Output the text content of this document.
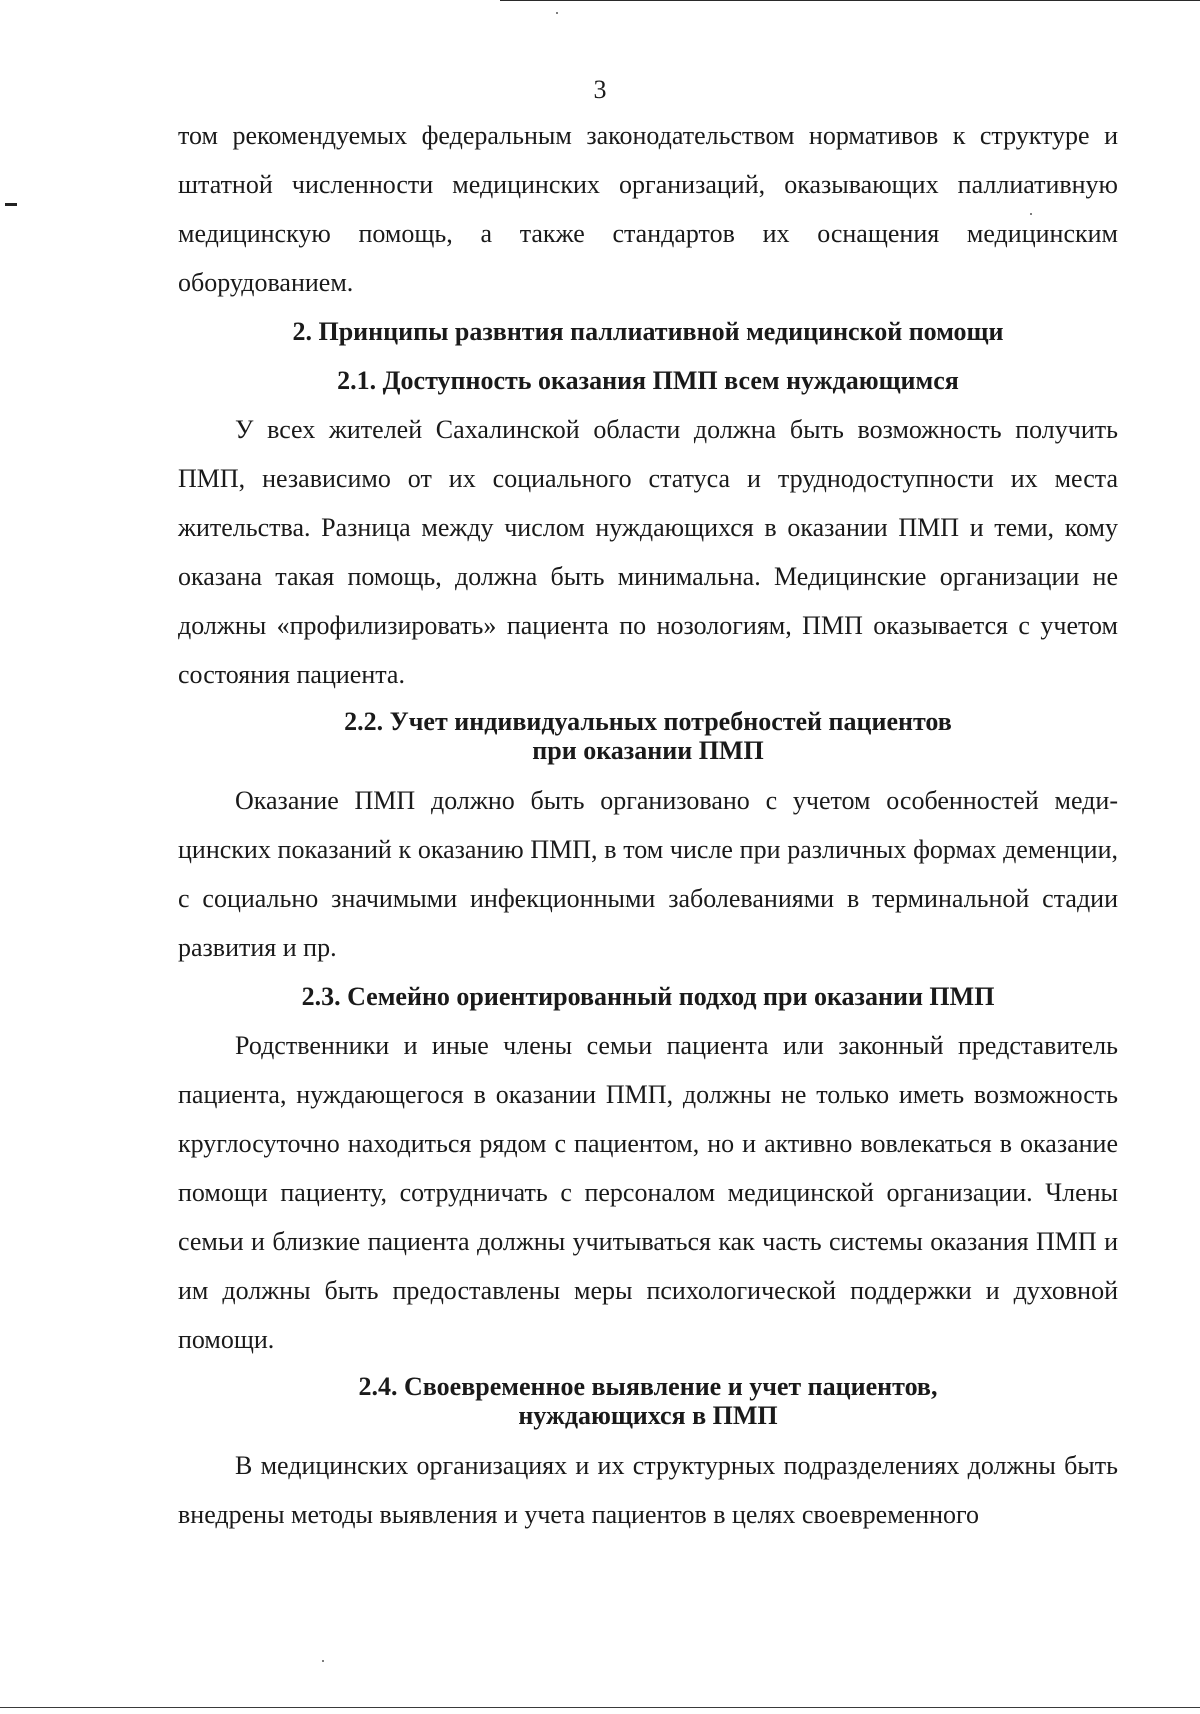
3

том рекомендуемых федеральным законодательством нормативов к структуре и штатной численности медицинских организаций, оказывающих паллиативную медицинскую помощь, а также стандартов их оснащения медицинским оборудованием.

2. Принципы развнтия паллиативной медицинской помощи
2.1. Доступность оказания ПМП всем нуждающимся

У всех жителей Сахалинской области должна быть возможность получить ПМП, независимо от их социального статуса и труднодоступности их места жительства. Разница между числом нуждающихся в оказании ПМП и теми, кому оказана такая помощь, должна быть минимальна. Медицинские организации не должны «профилизировать» пациента по нозологиям, ПМП оказывается с учетом состояния пациента.

2.2. Учет индивидуальных потребностей пациентов
при оказании ПМП

Оказание ПМП должно быть организовано с учетом особенностей медицинских показаний к оказанию ПМП, в том числе при различных формах деменции, с социально значимыми инфекционными заболеваниями в терминальной стадии развития и пр.

2.3. Семейно ориентированный подход при оказании ПМП

Родственники и иные члены семьи пациента или законный представитель пациента, нуждающегося в оказании ПМП, должны не только иметь возможность круглосуточно находиться рядом с пациентом, но и активно вовлекаться в оказание помощи пациенту, сотрудничать с персоналом медицинской организации. Члены семьи и близкие пациента должны учитываться как часть системы оказания ПМП и им должны быть предоставлены меры психологической поддержки и духовной помощи.

2.4. Своевременное выявление и учет пациентов,
нуждающихся в ПМП

В медицинских организациях и их структурных подразделениях должны быть внедрены методы выявления и учета пациентов в целях своевременного
